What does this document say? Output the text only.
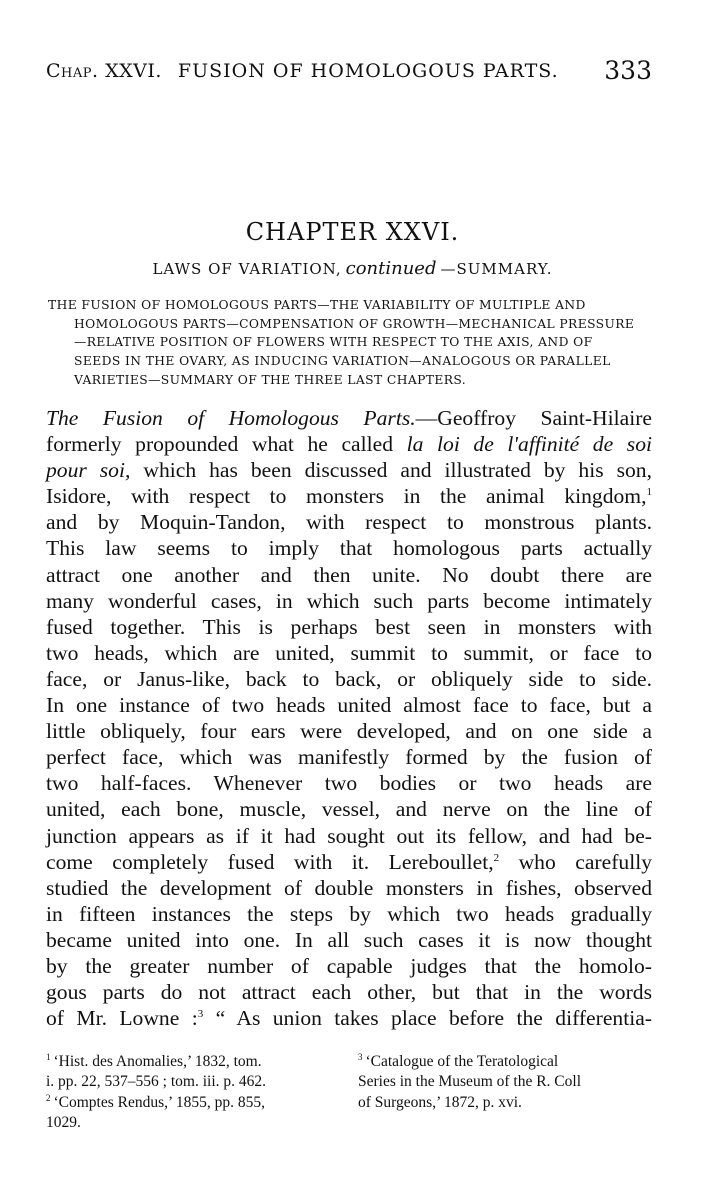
Chap. XXVI. FUSION OF HOMOLOGOUS PARTS. 333
CHAPTER XXVI.
LAWS OF VARIATION, continued —SUMMARY.
THE FUSION OF HOMOLOGOUS PARTS—THE VARIABILITY OF MULTIPLE AND
HOMOLOGOUS PARTS—COMPENSATION OF GROWTH—MECHANICAL PRESSURE
—RELATIVE POSITION OF FLOWERS WITH RESPECT TO THE AXIS, AND OF
SEEDS IN THE OVARY, AS INDUCING VARIATION—ANALOGOUS OR PARALLEL
VARIETIES—SUMMARY OF THE THREE LAST CHAPTERS.
The Fusion of Homologous Parts.—Geoffroy Saint-Hilaire
formerly propounded what he called la loi de l'affinité de soi
pour soi, which has been discussed and illustrated by his son,
Isidore, with respect to monsters in the animal kingdom,$^1$
and by Moquin-Tandon, with respect to monstrous plants.
This law seems to imply that homologous parts actually
attract one another and then unite. No doubt there are
many wonderful cases, in which such parts become intimately
fused together. This is perhaps best seen in monsters with
two heads, which are united, summit to summit, or face to
face, or Janus-like, back to back, or obliquely side to side.
In one instance of two heads united almost face to face, but a
little obliquely, four ears were developed, and on one side a
perfect face, which was manifestly formed by the fusion of
two half-faces. Whenever two bodies or two heads are
united, each bone, muscle, vessel, and nerve on the line of
junction appears as if it had sought out its fellow, and had be-
come completely fused with it. Lereboullet,$^2$ who carefully
studied the development of double monsters in fishes, observed
in fifteen instances the steps by which two heads gradually
became united into one. In all such cases it is now thought
by the greater number of capable judges that the homolo-
gous parts do not attract each other, but that in the words
of Mr. Lowne :$^3$ “ As union takes place before the differentia-
$^1$ ‘Hist. des Anomalies,’ 1832, tom.
i. pp. 22, 537–556 ; tom. iii. p. 462.
$^2$ ‘Comptes Rendus,’ 1855, pp. 855,
1029.
$^3$ ‘Catalogue of the Teratological
Series in the Museum of the R. Coll
of Surgeons,’ 1872, p. xvi.
